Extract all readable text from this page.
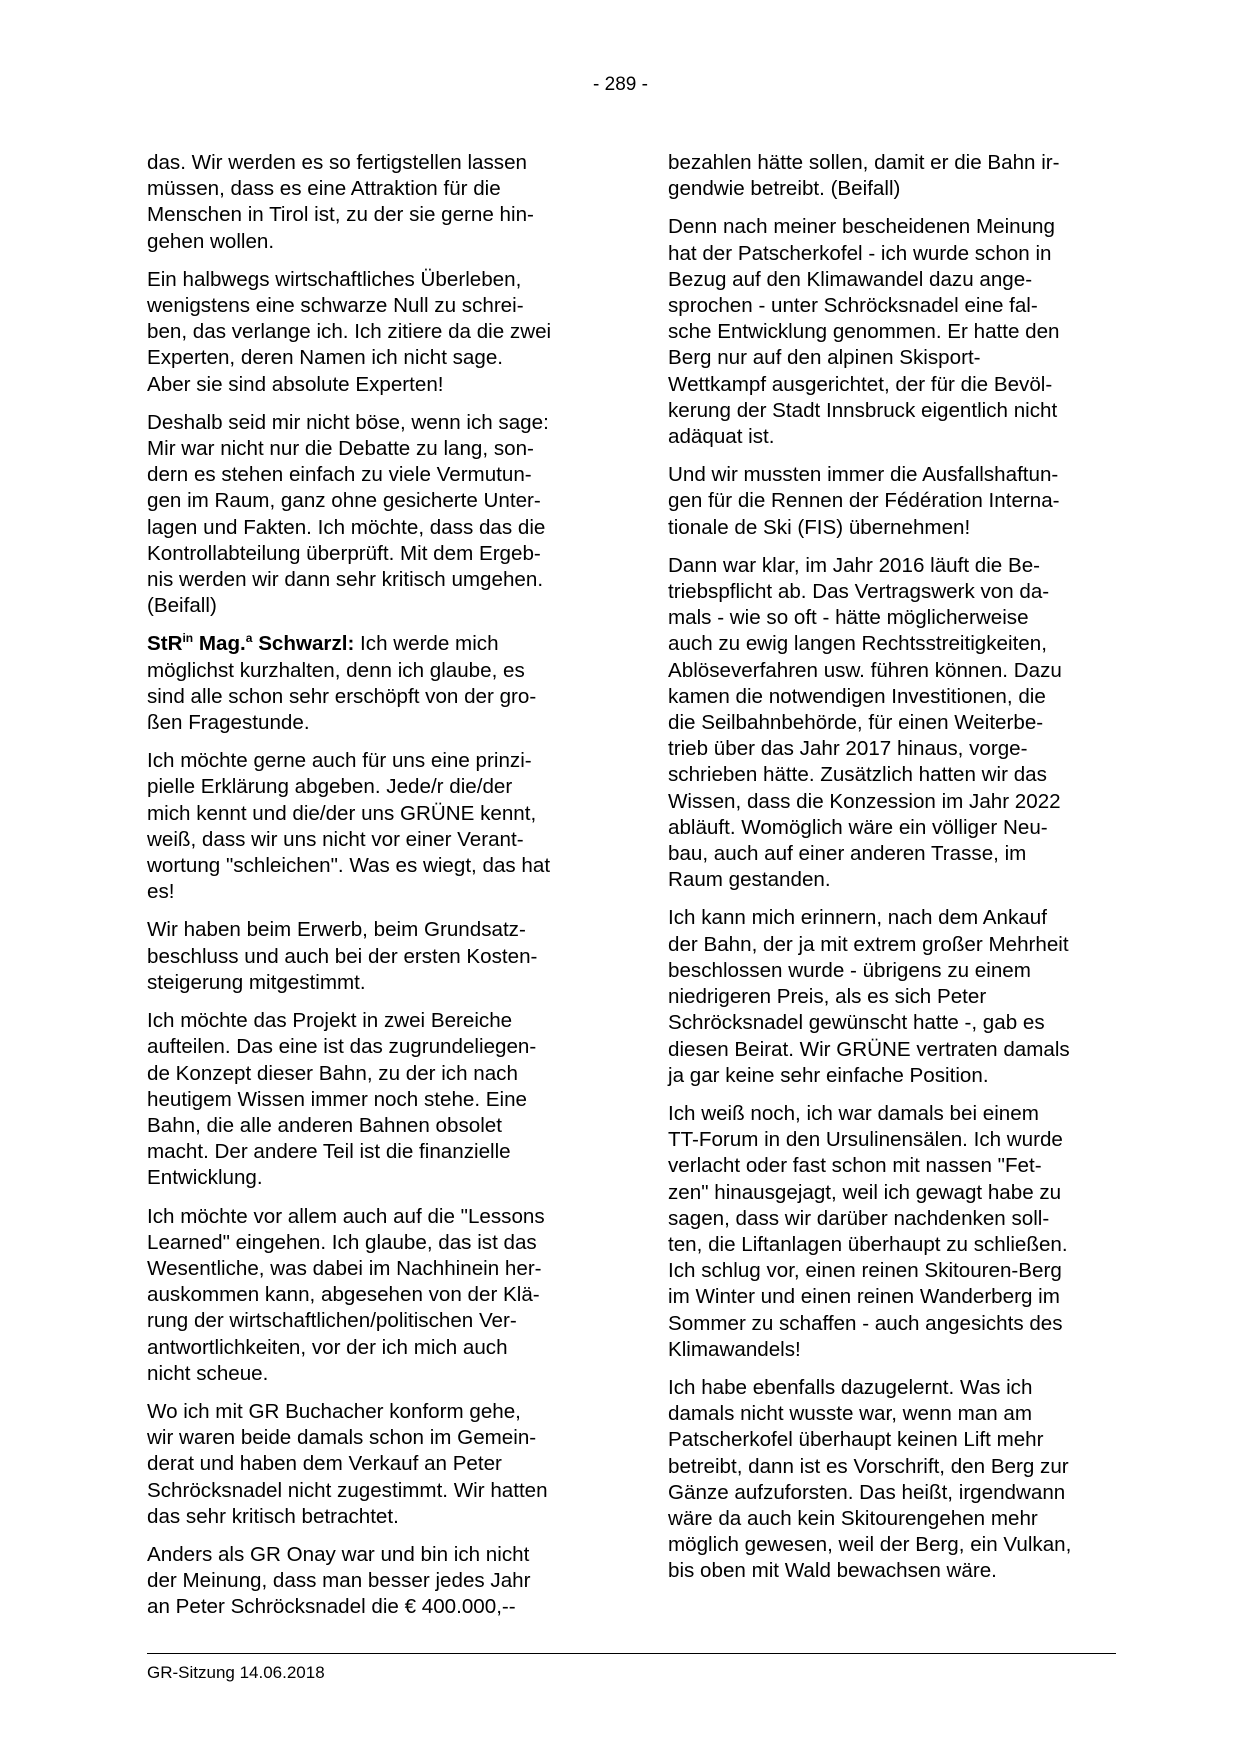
- 289 -

das. Wir werden es so fertigstellen lassen
müssen, dass es eine Attraktion für die
Menschen in Tirol ist, zu der sie gerne hin-
gehen wollen.

Ein halbwegs wirtschaftliches Überleben,
wenigstens eine schwarze Null zu schrei-
ben, das verlange ich. Ich zitiere da die zwei
Experten, deren Namen ich nicht sage.
Aber sie sind absolute Experten!

Deshalb seid mir nicht böse, wenn ich sage:
Mir war nicht nur die Debatte zu lang, son-
dern es stehen einfach zu viele Vermutun-
gen im Raum, ganz ohne gesicherte Unter-
lagen und Fakten. Ich möchte, dass das die
Kontrollabteilung überprüft. Mit dem Ergeb-
nis werden wir dann sehr kritisch umgehen.
(Beifall)

StR$^{in}$ Mag.$^a$ Schwarzl: Ich werde mich
möglichst kurzhalten, denn ich glaube, es
sind alle schon sehr erschöpft von der gro-
ßen Fragestunde.

Ich möchte gerne auch für uns eine prinzi-
pielle Erklärung abgeben. Jede/r die/der
mich kennt und die/der uns GRÜNE kennt,
weiß, dass wir uns nicht vor einer Verant-
wortung "schleichen". Was es wiegt, das hat
es!

Wir haben beim Erwerb, beim Grundsatz-
beschluss und auch bei der ersten Kosten-
steigerung mitgestimmt.

Ich möchte das Projekt in zwei Bereiche
aufteilen. Das eine ist das zugrundeliegen-
de Konzept dieser Bahn, zu der ich nach
heutigem Wissen immer noch stehe. Eine
Bahn, die alle anderen Bahnen obsolet
macht. Der andere Teil ist die finanzielle
Entwicklung.

Ich möchte vor allem auch auf die "Lessons
Learned" eingehen. Ich glaube, das ist das
Wesentliche, was dabei im Nachhinein her-
auskommen kann, abgesehen von der Klä-
rung der wirtschaftlichen/politischen Ver-
antwortlichkeiten, vor der ich mich auch
nicht scheue.

Wo ich mit GR Buchacher konform gehe,
wir waren beide damals schon im Gemein-
derat und haben dem Verkauf an Peter
Schröcksnadel nicht zugestimmt. Wir hatten
das sehr kritisch betrachtet.

Anders als GR Onay war und bin ich nicht
der Meinung, dass man besser jedes Jahr
an Peter Schröcksnadel die € 400.000,--

bezahlen hätte sollen, damit er die Bahn ir-
gendwie betreibt. (Beifall)

Denn nach meiner bescheidenen Meinung
hat der Patscherkofel - ich wurde schon in
Bezug auf den Klimawandel dazu ange-
sprochen - unter Schröcksnadel eine fal-
sche Entwicklung genommen. Er hatte den
Berg nur auf den alpinen Skisport-
Wettkampf ausgerichtet, der für die Bevöl-
kerung der Stadt Innsbruck eigentlich nicht
adäquat ist.

Und wir mussten immer die Ausfallshaftun-
gen für die Rennen der Fédération Interna-
tionale de Ski (FIS) übernehmen!

Dann war klar, im Jahr 2016 läuft die Be-
triebspflicht ab. Das Vertragswerk von da-
mals - wie so oft - hätte möglicherweise
auch zu ewig langen Rechtsstreitigkeiten,
Ablöseverfahren usw. führen können. Dazu
kamen die notwendigen Investitionen, die
die Seilbahnbehörde, für einen Weiterbe-
trieb über das Jahr 2017 hinaus, vorge-
schrieben hätte. Zusätzlich hatten wir das
Wissen, dass die Konzession im Jahr 2022
abläuft. Womöglich wäre ein völliger Neu-
bau, auch auf einer anderen Trasse, im
Raum gestanden.

Ich kann mich erinnern, nach dem Ankauf
der Bahn, der ja mit extrem großer Mehrheit
beschlossen wurde - übrigens zu einem
niedrigeren Preis, als es sich Peter
Schröcksnadel gewünscht hatte -, gab es
diesen Beirat. Wir GRÜNE vertraten damals
ja gar keine sehr einfache Position.

Ich weiß noch, ich war damals bei einem
TT-Forum in den Ursulinensälen. Ich wurde
verlacht oder fast schon mit nassen "Fet-
zen" hinausgejagt, weil ich gewagt habe zu
sagen, dass wir darüber nachdenken soll-
ten, die Liftanlagen überhaupt zu schließen.
Ich schlug vor, einen reinen Skitouren-Berg
im Winter und einen reinen Wanderberg im
Sommer zu schaffen - auch angesichts des
Klimawandels!

Ich habe ebenfalls dazugelernt. Was ich
damals nicht wusste war, wenn man am
Patscherkofel überhaupt keinen Lift mehr
betreibt, dann ist es Vorschrift, den Berg zur
Gänze aufzuforsten. Das heißt, irgendwann
wäre da auch kein Skitourengehen mehr
möglich gewesen, weil der Berg, ein Vulkan,
bis oben mit Wald bewachsen wäre.

GR-Sitzung 14.06.2018
